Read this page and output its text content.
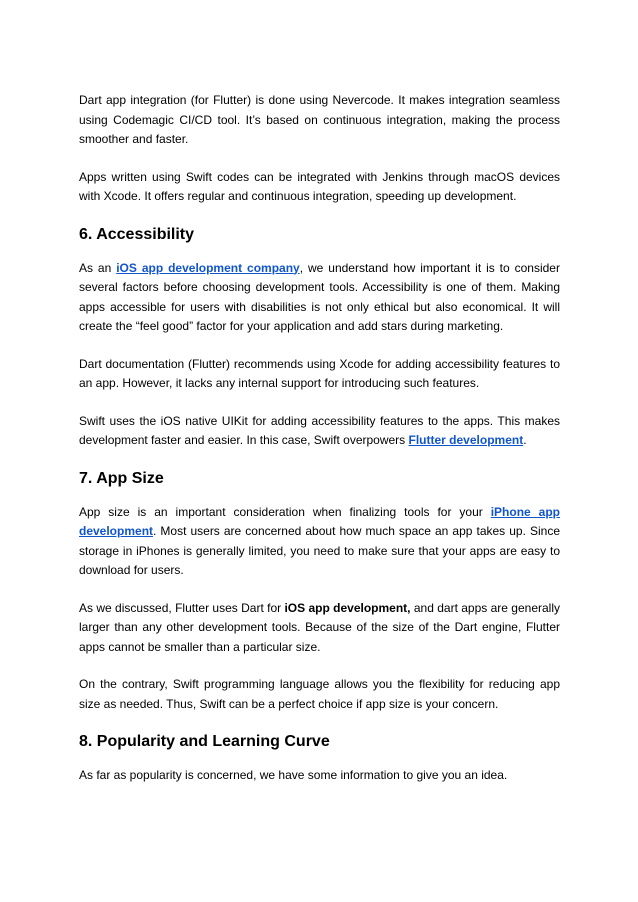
Dart app integration (for Flutter) is done using Nevercode. It makes integration seamless using Codemagic CI/CD tool. It’s based on continuous integration, making the process smoother and faster.

Apps written using Swift codes can be integrated with Jenkins through macOS devices with Xcode. It offers regular and continuous integration, speeding up development.

6. Accessibility

As an iOS app development company, we understand how important it is to consider several factors before choosing development tools. Accessibility is one of them. Making apps accessible for users with disabilities is not only ethical but also economical. It will create the “feel good” factor for your application and add stars during marketing.

Dart documentation (Flutter) recommends using Xcode for adding accessibility features to an app. However, it lacks any internal support for introducing such features.

Swift uses the iOS native UIKit for adding accessibility features to the apps. This makes development faster and easier. In this case, Swift overpowers Flutter development.

7. App Size

App size is an important consideration when finalizing tools for your iPhone app development. Most users are concerned about how much space an app takes up. Since storage in iPhones is generally limited, you need to make sure that your apps are easy to download for users.

As we discussed, Flutter uses Dart for iOS app development, and dart apps are generally larger than any other development tools. Because of the size of the Dart engine, Flutter apps cannot be smaller than a particular size.

On the contrary, Swift programming language allows you the flexibility for reducing app size as needed. Thus, Swift can be a perfect choice if app size is your concern.

8. Popularity and Learning Curve

As far as popularity is concerned, we have some information to give you an idea.
